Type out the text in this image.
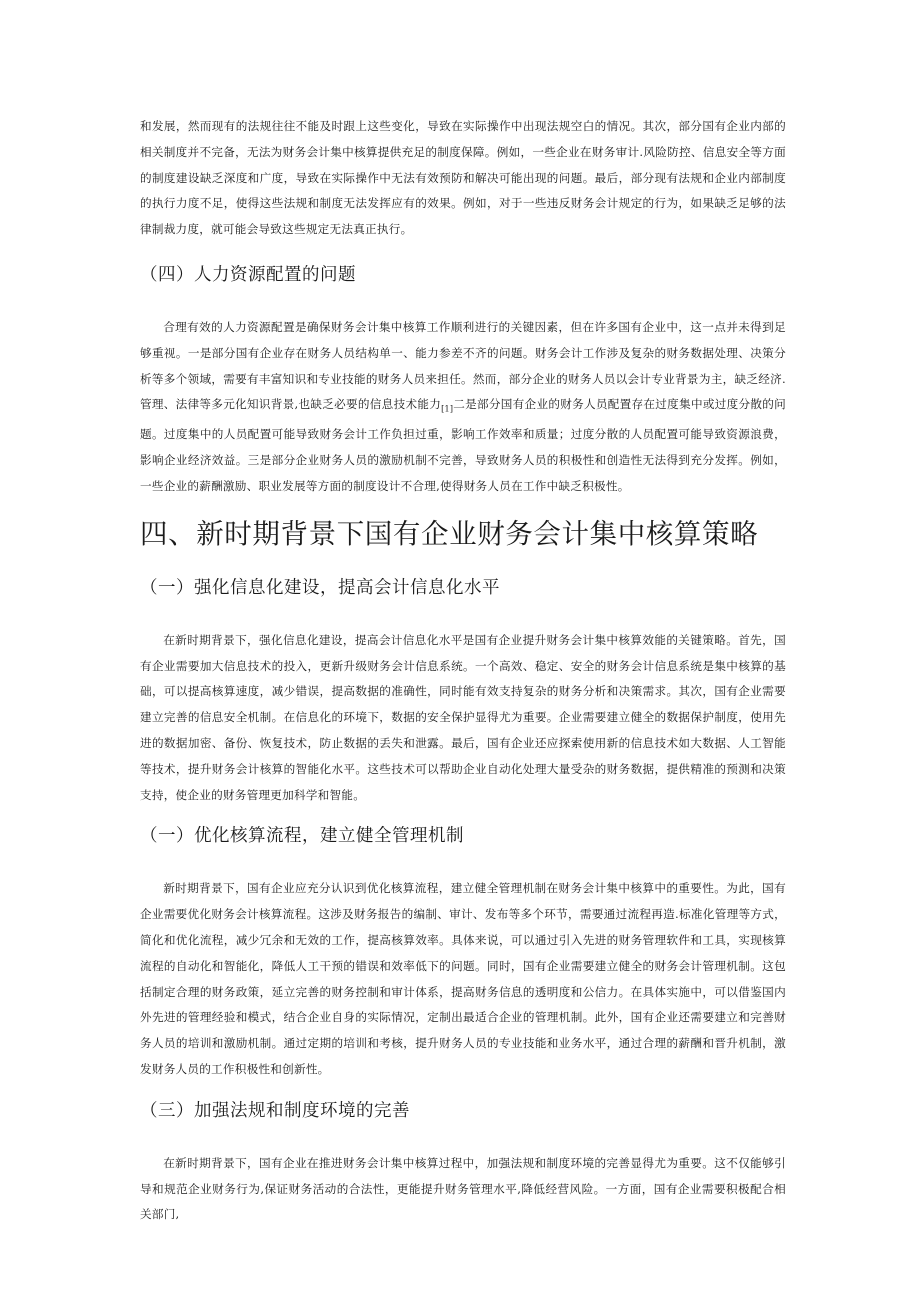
和发展，然而现有的法规往往不能及时跟上这些变化，导致在实际操作中出现法规空白的情况。其次，部分国有企业内部的相关制度并不完备，无法为财务会计集中核算提供充足的制度保障。例如，一些企业在财务审计.风险防控、信息安全等方面的制度建设缺乏深度和广度，导致在实际操作中无法有效预防和解决可能出现的问题。最后，部分现有法规和企业内部制度的执行力度不足，使得这些法规和制度无法发挥应有的效果。例如，对于一些违反财务会计规定的行为，如果缺乏足够的法律制裁力度，就可能会导致这些规定无法真正执行。

（四）人力资源配置的问题

合理有效的人力资源配置是确保财务会计集中核算工作顺利进行的关键因素，但在许多国有企业中，这一点并未得到足够重视。一是部分国有企业存在财务人员结构单一、能力参差不齐的问题。财务会计工作涉及复杂的财务数据处理、决策分析等多个领域，需要有丰富知识和专业技能的财务人员来担任。然而，部分企业的财务人员以会计专业背景为主，缺乏经济.管理、法律等多元化知识背景,也缺乏必要的信息技术能力$_{[1]}$二是部分国有企业的财务人员配置存在过度集中或过度分散的问题。过度集中的人员配置可能导致财务会计工作负担过重，影响工作效率和质量；过度分散的人员配置可能导致资源浪费，影响企业经济效益。三是部分企业财务人员的激励机制不完善，导致财务人员的积极性和创造性无法得到充分发挥。例如，一些企业的薪酬激励、职业发展等方面的制度设计不合理,使得财务人员在工作中缺乏积极性。

四、新时期背景下国有企业财务会计集中核算策略
（一）强化信息化建设，提高会计信息化水平

在新时期背景下，强化信息化建设，提高会计信息化水平是国有企业提升财务会计集中核算效能的关键策略。首先，国有企业需要加大信息技术的投入，更新升级财务会计信息系统。一个高效、稳定、安全的财务会计信息系统是集中核算的基础，可以提高核算速度，减少错误，提高数据的准确性，同时能有效支持复杂的财务分析和决策需求。其次，国有企业需要建立完善的信息安全机制。在信息化的环境下，数据的安全保护显得尤为重要。企业需要建立健全的数据保护制度，使用先进的数据加密、备份、恢复技术，防止数据的丢失和泄露。最后，国有企业还应探索使用新的信息技术如大数据、人工智能等技术，提升财务会计核算的智能化水平。这些技术可以帮助企业自动化处理大量受杂的财务数据，提供精准的预测和决策支持，使企业的财务管理更加科学和智能。

（一）优化核算流程，建立健全管理机制

新时期背景下，国有企业应充分认识到优化核算流程，建立健全管理机制在财务会计集中核算中的重要性。为此，国有企业需要优化财务会计核算流程。这涉及财务报告的编制、审计、发布等多个环节，需要通过流程再造.标准化管理等方式，简化和优化流程，减少冗余和无效的工作，提高核算效率。具体来说，可以通过引入先进的财务管理软件和工具，实现核算流程的自动化和智能化，降低人工干预的错误和效率低下的问题。同时，国有企业需要建立健全的财务会计管理机制。这包括制定合理的财务政策，延立完善的财务控制和审计体系，提高财务信息的透明度和公信力。在具体实施中，可以借鉴国内外先进的管理经验和模式，结合企业自身的实际情况，定制出最适合企业的管理机制。此外，国有企业还需要建立和完善财务人员的培训和激励机制。通过定期的培训和考核，提升财务人员的专业技能和业务水平，通过合理的薪酬和晋升机制，激发财务人员的工作积极性和创新性。

（三）加强法规和制度环境的完善

在新时期背景下，国有企业在推进财务会计集中核算过程中，加强法规和制度环境的完善显得尤为重要。这不仅能够引导和规范企业财务行为,保证财务活动的合法性，更能提升财务管理水平,降低经营风险。一方面，国有企业需要积极配合相关部门,
